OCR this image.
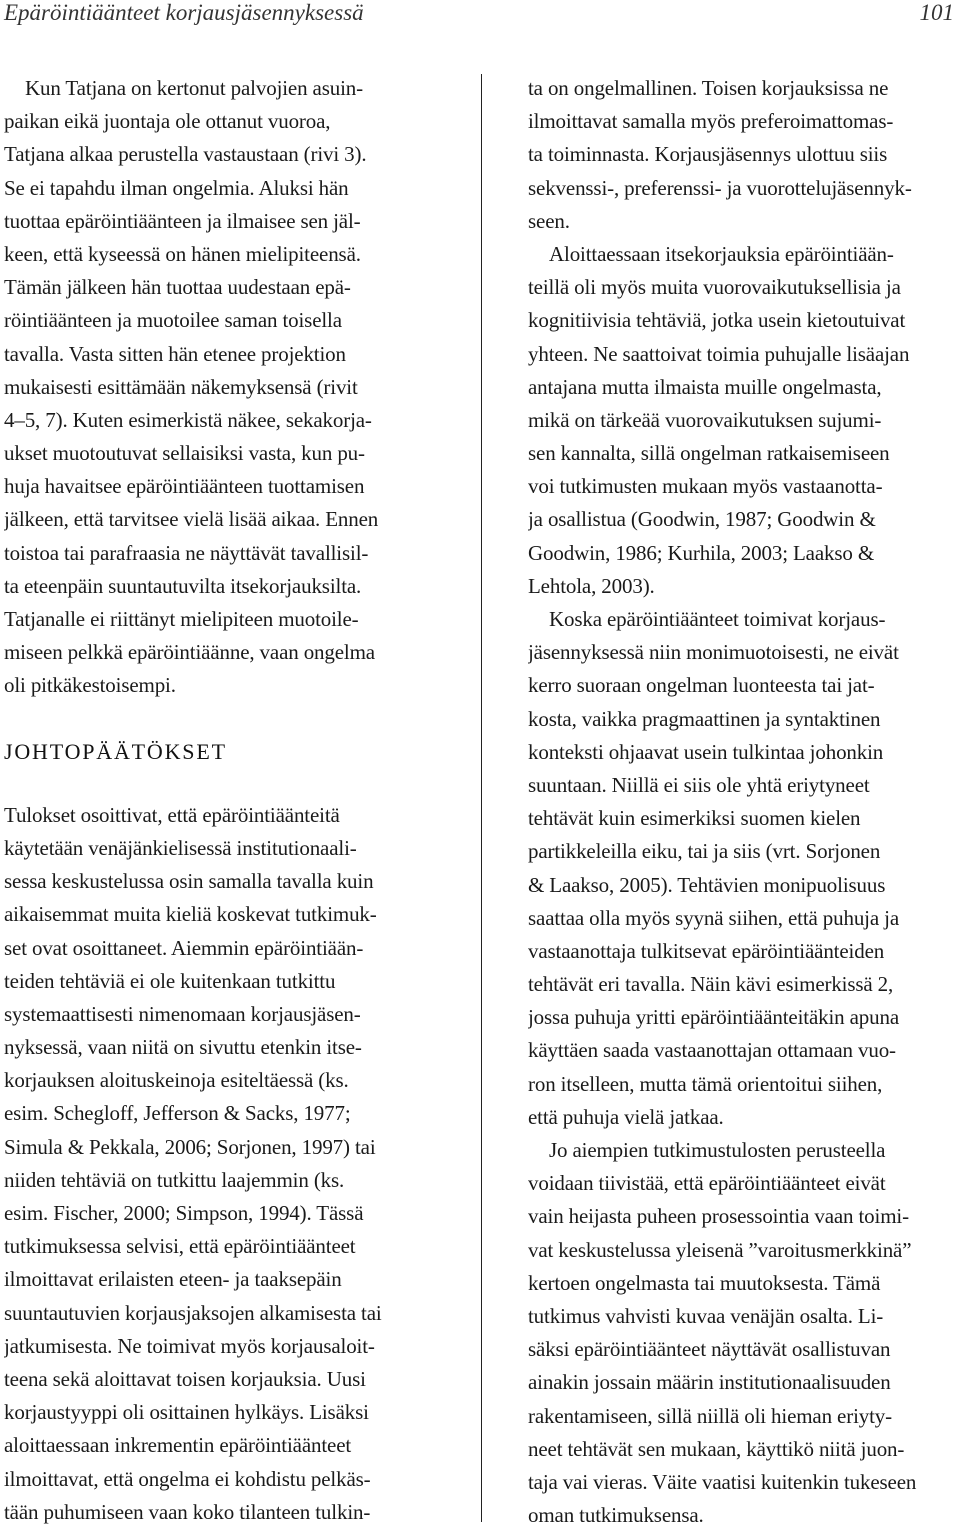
Epäröintiäänteet korjausjäsennyksessä	101
Kun Tatjana on kertonut palvojien asuin-
paikan eikä juontaja ole ottanut vuoroa,
Tatjana alkaa perustella vastaustaan (rivi 3).
Se ei tapahdu ilman ongelmia. Aluksi hän
tuottaa epäröintiäänteen ja ilmaisee sen jäl-
keen, että kyseessä on hänen mielipiteensä.
Tämän jälkeen hän tuottaa uudestaan epä-
röintiäänteen ja muotoilee saman toisella
tavalla. Vasta sitten hän etenee projektion
mukaisesti esittämään näkemyksensä (rivit
4–5, 7). Kuten esimerkistä näkee, sekakorja-
ukset muotoutuvat sellaisiksi vasta, kun pu-
huja havaitsee epäröintiäänteen tuottamisen
jälkeen, että tarvitsee vielä lisää aikaa. Ennen
toistoa tai parafraasia ne näyttävät tavallisil-
ta eteenpäin suuntautuvilta itsekorjauksilta.
Tatjanalle ei riittänyt mielipiteen muotoile-
miseen pelkkä epäröintiäänne, vaan ongelma
oli pitkäkestoisempi.
JOHTOPÄÄTÖKSET
Tulokset osoittivat, että epäröintiäänteitä
käytetään venäjänkielisessä institutionaali-
sessa keskustelussa osin samalla tavalla kuin
aikaisemmat muita kieliä koskevat tutkimuk-
set ovat osoittaneet. Aiemmin epäröintiään-
teiden tehtäviä ei ole kuitenkaan tutkittu
systemaattisesti nimenomaan korjausjäsen-
nyksessä, vaan niitä on sivuttu etenkin itse-
korjauksen aloituskeinoja esiteltäessä (ks.
esim. Schegloff, Jefferson & Sacks, 1977;
Simula & Pekkala, 2006; Sorjonen, 1997) tai
niiden tehtäviä on tutkittu laajemmin (ks.
esim. Fischer, 2000; Simpson, 1994). Tässä
tutkimuksessa selvisi, että epäröintiäänteet
ilmoittavat erilaisten eteen- ja taaksepäin
suuntautuvien korjausjaksojen alkamisesta tai
jatkumisesta. Ne toimivat myös korjausaloit-
teena sekä aloittavat toisen korjauksia. Uusi
korjaustyyppi oli osittainen hylkäys. Lisäksi
aloittaessaan inkrementin epäröintiäänteet
ilmoittavat, että ongelma ei kohdistu pelkäs-
tään puhumiseen vaan koko tilanteen tulkin-
ta on ongelmallinen. Toisen korjauksissa ne
ilmoittavat samalla myös preferoimattomas-
ta toiminnasta. Korjausjäsennys ulottuu siis
sekvenssi-, preferenssi- ja vuorottelujäsennyk-
seen.
Aloittaessaan itsekorjauksia epäröintiään-
teillä oli myös muita vuorovaikutuksellisia ja
kognitiivisia tehtäviä, jotka usein kietoutuivat
yhteen. Ne saattoivat toimia puhujalle lisäajan
antajana mutta ilmaista muille ongelmasta,
mikä on tärkeää vuorovaikutuksen sujumi-
sen kannalta, sillä ongelman ratkaisemiseen
voi tutkimusten mukaan myös vastaanotta-
ja osallistua (Goodwin, 1987; Goodwin &
Goodwin, 1986; Kurhila, 2003; Laakso &
Lehtola, 2003).
Koska epäröintiäänteet toimivat korjaus-
jäsennyksessä niin monimuotoisesti, ne eivät
kerro suoraan ongelman luonteesta tai jat-
kosta, vaikka pragmaattinen ja syntaktinen
konteksti ohjaavat usein tulkintaa johonkin
suuntaan. Niillä ei siis ole yhtä eriytyneet
tehtävät kuin esimerkiksi suomen kielen
partikkeleilla eiku, tai ja siis (vrt. Sorjonen
& Laakso, 2005). Tehtävien monipuolisuus
saattaa olla myös syynä siihen, että puhuja ja
vastaanottaja tulkitsevat epäröintiäänteiden
tehtävät eri tavalla. Näin kävi esimerkissä 2,
jossa puhuja yritti epäröintiäänteitäkin apuna
käyttäen saada vastaanottajan ottamaan vuo-
ron itselleen, mutta tämä orientoitui siihen,
että puhuja vielä jatkaa.
Jo aiempien tutkimustulosten perusteella
voidaan tiivistää, että epäröintiäänteet eivät
vain heijasta puheen prosessointia vaan toimi-
vat keskustelussa yleisenä ”varoitusmerkkinä”
kertoen ongelmasta tai muutoksesta. Tämä
tutkimus vahvisti kuvaa venäjän osalta. Li-
säksi epäröintiäänteet näyttävät osallistuvan
ainakin jossain määrin institutionaalisuuden
rakentamiseen, sillä niillä oli hieman eriyty-
neet tehtävät sen mukaan, käyttikö niitä juon-
taja vai vieras. Väite vaatisi kuitenkin tukeseen
oman tutkimuksensa.
